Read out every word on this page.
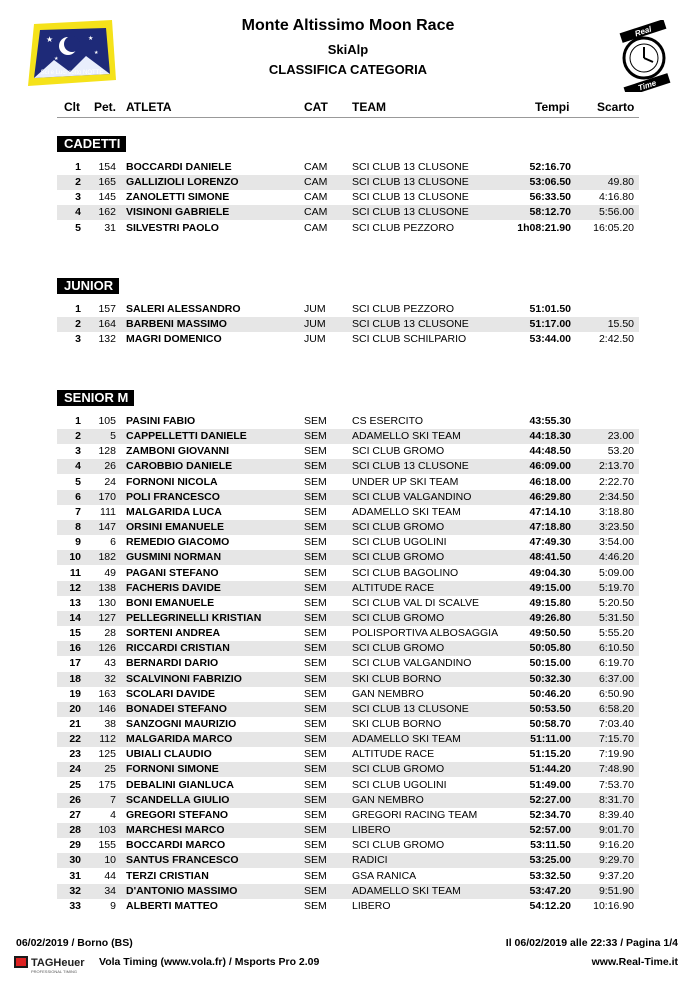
★	★
★
★
Sci e Luci sotto NOTTE
Monte Altissimo Moon Race
SkiAlp
CLASSIFICA CATEGORIA
Real
Time
Clt Pet. ATLETA	CAT TEAM	Tempi Scarto
CADETTI
1	154 BOCCARDI DANIELE	CAM SCI CLUB 13 CLUSONE	52:16.70
2	165 GALLIZIOLI LORENZO	CAM SCI CLUB 13 CLUSONE	53:06.50	49.80
3	145 ZANOLETTI SIMONE	CAM SCI CLUB 13 CLUSONE	56:33.50	4:16.80
4	162 VISINONI GABRIELE	CAM SCI CLUB 13 CLUSONE	58:12.70	5:56.00
5	31 SILVESTRI PAOLO	CAM SCI CLUB PEZZORO	1h08:21.90	16:05.20
JUNIOR
1	157 SALERI ALESSANDRO	JUM	SCI CLUB PEZZORO	51:01.50
2	164 BARBENI MASSIMO	JUM	SCI CLUB 13 CLUSONE	51:17.00	15.50
3	132 MAGRI DOMENICO	JUM	SCI CLUB SCHILPARIO	53:44.00	2:42.50
SENIOR M
1	105 PASINI FABIO	SEM CS ESERCITO	43:55.30
2	5 CAPPELLETTI DANIELE	SEM ADAMELLO SKI TEAM	44:18.30	23.00
3	128 ZAMBONI GIOVANNI	SEM SCI CLUB GROMO	44:48.50	53.20
4	26 CAROBBIO DANIELE	SEM SCI CLUB 13 CLUSONE	46:09.00	2:13.70
5	24 FORNONI NICOLA	SEM UNDER UP SKI TEAM	46:18.00	2:22.70
6	170 POLI FRANCESCO	SEM SCI CLUB VALGANDINO	46:29.80	2:34.50
7	111 MALGARIDA LUCA	SEM ADAMELLO SKI TEAM	47:14.10	3:18.80
8	147 ORSINI EMANUELE	SEM SCI CLUB GROMO	47:18.80	3:23.50
9	6 REMEDIO GIACOMO	SEM SCI CLUB UGOLINI	47:49.30	3:54.00
10	182 GUSMINI NORMAN	SEM SCI CLUB GROMO	48:41.50	4:46.20
11	49 PAGANI STEFANO	SEM SCI CLUB BAGOLINO	49:04.30	5:09.00
12	138 FACHERIS DAVIDE	SEM ALTITUDE RACE	49:15.00	5:19.70
13	130 BONI EMANUELE	SEM SCI CLUB VAL DI SCALVE	49:15.80	5:20.50
14	127 PELLEGRINELLI KRISTIAN	SEM SCI CLUB GROMO	49:26.80	5:31.50
15	28 SORTENI ANDREA	SEM POLISPORTIVA ALBOSAGGIA	49:50.50	5:55.20
16	126 RICCARDI CRISTIAN	SEM SCI CLUB GROMO	50:05.80	6:10.50
17	43 BERNARDI DARIO	SEM SCI CLUB VALGANDINO	50:15.00	6:19.70
18	32 SCALVINONI FABRIZIO	SEM SKI CLUB BORNO	50:32.30	6:37.00
19	163 SCOLARI DAVIDE	SEM GAN NEMBRO	50:46.20	6:50.90
20	146 BONADEI STEFANO	SEM SCI CLUB 13 CLUSONE	50:53.50	6:58.20
21	38 SANZOGNI MAURIZIO	SEM SKI CLUB BORNO	50:58.70	7:03.40
22	112 MALGARIDA MARCO	SEM ADAMELLO SKI TEAM	51:11.00	7:15.70
23	125 UBIALI CLAUDIO	SEM ALTITUDE RACE	51:15.20	7:19.90
24	25 FORNONI SIMONE	SEM SCI CLUB GROMO	51:44.20	7:48.90
25	175 DEBALINI GIANLUCA	SEM SCI CLUB UGOLINI	51:49.00	7:53.70
26	7 SCANDELLA GIULIO	SEM GAN NEMBRO	52:27.00	8:31.70
27	4 GREGORI STEFANO	SEM GREGORI RACING TEAM	52:34.70	8:39.40
28	103 MARCHESI MARCO	SEM LIBERO	52:57.00	9:01.70
29	155 BOCCARDI MARCO	SEM SCI CLUB GROMO	53:11.50	9:16.20
30	10 SANTUS FRANCESCO	SEM RADICI	53:25.00	9:29.70
31	44 TERZI CRISTIAN	SEM GSA RANICA	53:32.50	9:37.20
32	34 D'ANTONIO MASSIMO	SEM ADAMELLO SKI TEAM	53:47.20	9:51.90
33	9 ALBERTI MATTEO	SEM LIBERO	54:12.20	10:16.90
06/02/2019 / Borno (BS)	Il 06/02/2019 alle 22:33 / Pagina 1/4
TAGHeuer
PROFESSIONAL TIMING
Vola Timing (www.vola.fr) / Msports Pro 2.09	www.Real-Time.it
